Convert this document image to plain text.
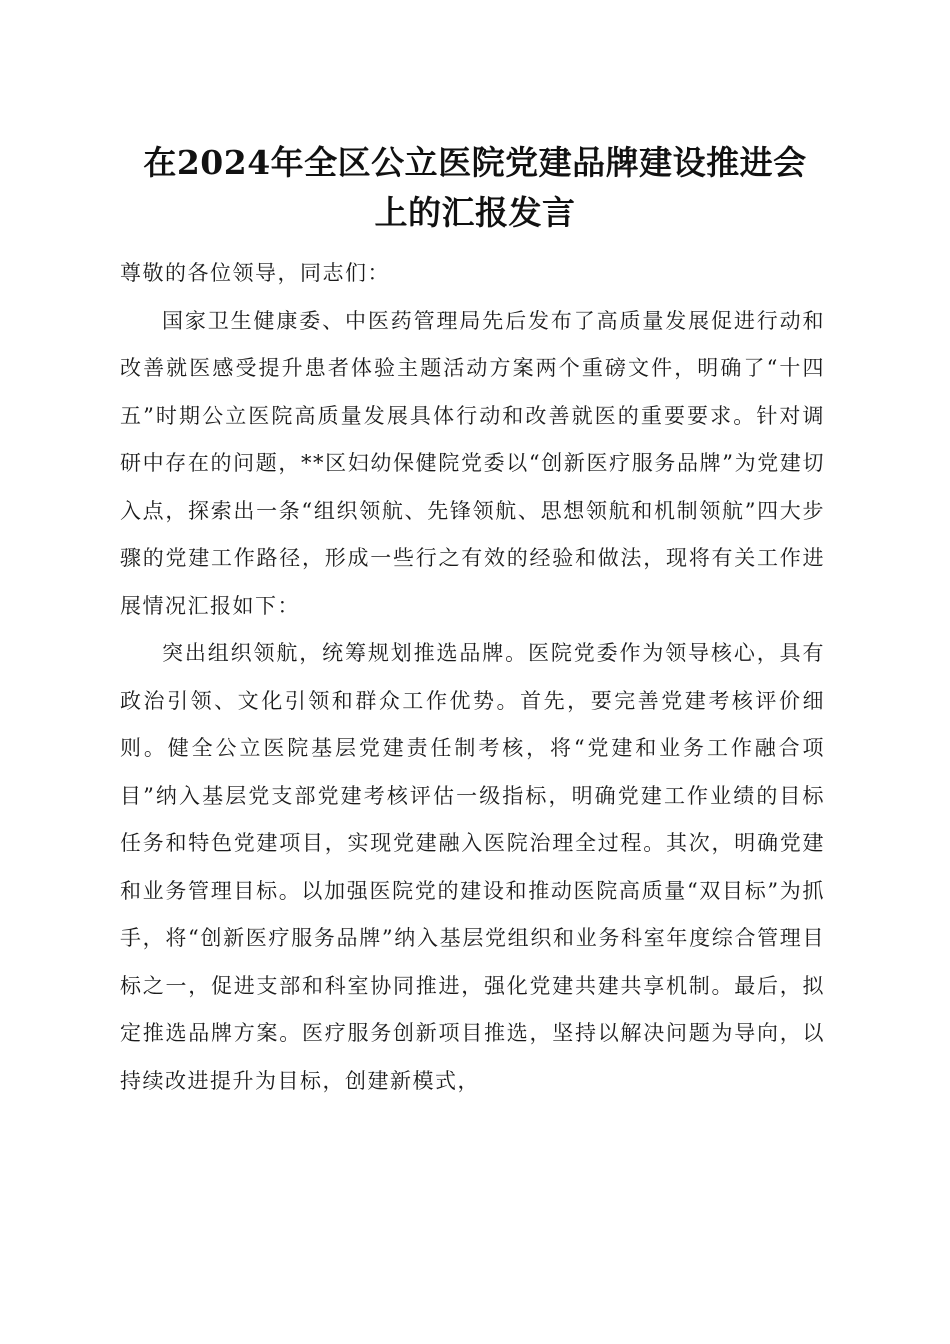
在2024年全区公立医院党建品牌建设推进会
上的汇报发言

尊敬的各位领导，同志们：

国家卫生健康委、中医药管理局先后发布了高质量发展促进行动和改善就医感受提升患者体验主题活动方案两个重磅文件，明确了“十四五”时期公立医院高质量发展具体行动和改善就医的重要要求。针对调研中存在的问题，**区妇幼保健院党委以“创新医疗服务品牌”为党建切入点，探索出一条“组织领航、先锋领航、思想领航和机制领航”四大步骤的党建工作路径，形成一些行之有效的经验和做法，现将有关工作进展情况汇报如下：

突出组织领航，统筹规划推选品牌。医院党委作为领导核心，具有政治引领、文化引领和群众工作优势。首先，要完善党建考核评价细则。健全公立医院基层党建责任制考核，将“党建和业务工作融合项目”纳入基层党支部党建考核评估一级指标，明确党建工作业绩的目标任务和特色党建项目，实现党建融入医院治理全过程。其次，明确党建和业务管理目标。以加强医院党的建设和推动医院高质量“双目标”为抓手，将“创新医疗服务品牌”纳入基层党组织和业务科室年度综合管理目标之一，促进支部和科室协同推进，强化党建共建共享机制。最后，拟定推选品牌方案。医疗服务创新项目推选，坚持以解决问题为导向，以持续改进提升为目标，创建新模式，
